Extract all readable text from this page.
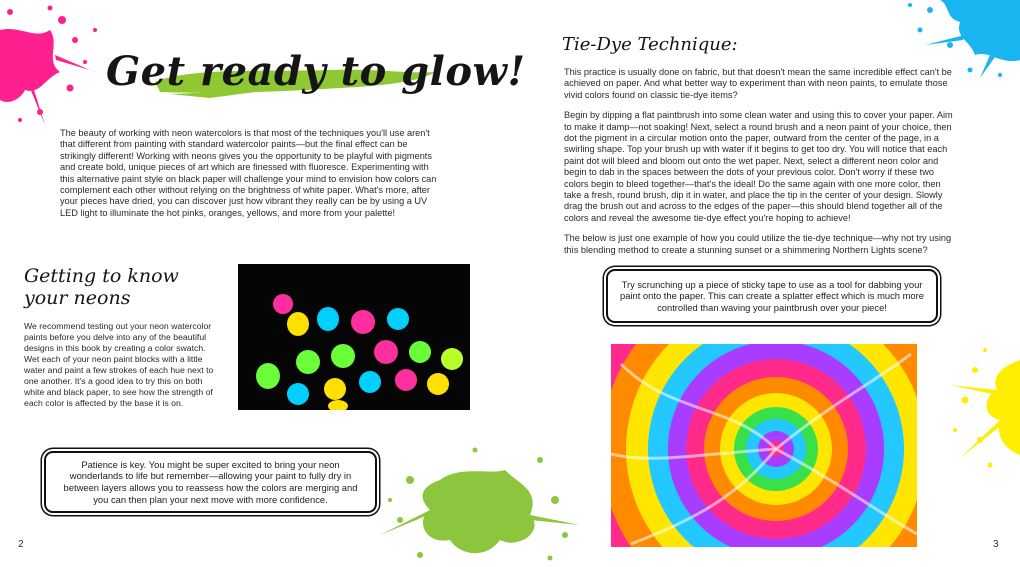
Get ready to glow!

The beauty of working with neon watercolors is that most of the techniques you'll use aren't that different from painting with standard watercolor paints—but the final effect can be strikingly different! Working with neons gives you the opportunity to be playful with pigments and create bold, unique pieces of art which are finessed with fluoresce. Experimenting with this alternative paint style on black paper will challenge your mind to envision how colors can complement each other without relying on the brightness of white paper. What's more, after your pieces have dried, you can discover just how vibrant they really can be by using a UV LED light to illuminate the hot pinks, oranges, yellows, and more from your palette!

Getting to know
your neons

We recommend testing out your neon watercolor paints before you delve into any of the beautiful designs in this book by creating a color swatch. Wet each of your neon paint blocks with a little water and paint a few strokes of each hue next to one another. It's a good idea to try this on both white and black paper, to see how the strength of each color is affected by the base it is on.

Patience is key. You might be super excited to bring your neon wonderlands to life but remember—allowing your paint to fully dry in between layers allows you to reassess how the colors are merging and you can then plan your next move with more confidence.
2
Tie-Dye Technique:

This practice is usually done on fabric, but that doesn't mean the same incredible effect can't be achieved on paper. And what better way to experiment than with neon paints, to emulate those vivid colors found on classic tie-dye items?

Begin by dipping a flat paintbrush into some clean water and using this to cover your paper. Aim to make it damp—not soaking! Next, select a round brush and a neon paint of your choice, then dot the pigment in a circular motion onto the paper, outward from the center of the page, in a swirling shape. Top your brush up with water if it begins to get too dry. You will notice that each paint dot will bleed and bloom out onto the wet paper. Next, select a different neon color and begin to dab in the spaces between the dots of your previous color. Don't worry if these two colors begin to bleed together—that's the ideal! Do the same again with one more color, then take a fresh, round brush, dip it in water, and place the tip in the center of your design. Slowly drag the brush out and across to the edges of the paper—this should blend together all of the colors and reveal the awesome tie-dye effect you're hoping to achieve!

The below is just one example of how you could utilize the tie-dye technique—why not try using this blending method to create a stunning sunset or a shimmering Northern Lights scene?

Try scrunching up a piece of sticky tape to use as a tool for dabbing your paint onto the paper. This can create a splatter effect which is much more controlled than waving your paintbrush over your piece!
3
